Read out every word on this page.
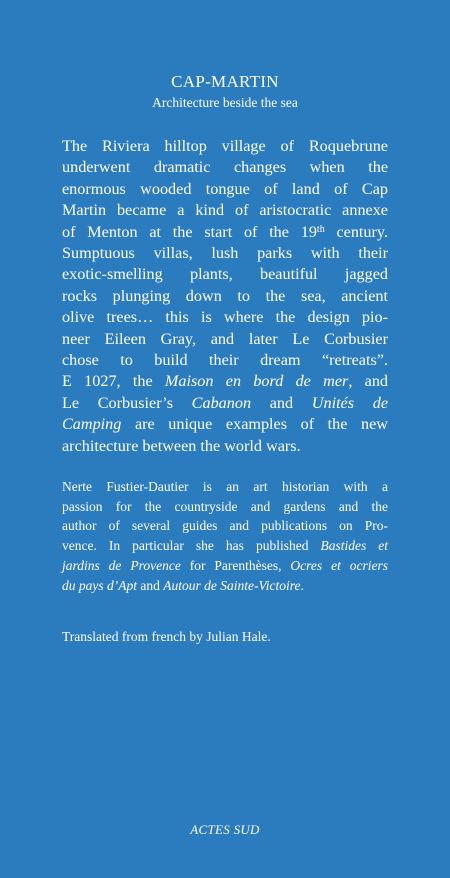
CAP-MARTIN
Architecture beside the sea
The Riviera hilltop village of Roquebrune
underwent dramatic changes when the
enormous wooded tongue of land of Cap
Martin became a kind of aristocratic annexe
of Menton at the start of the 19th century.
Sumptuous villas, lush parks with their
exotic-smelling plants, beautiful jagged
rocks plunging down to the sea, ancient
olive trees… this is where the design pio-
neer Eileen Gray, and later Le Corbusier
chose to build their dream “retreats”.
E 1027, the Maison en bord de mer, and
Le Corbusier’s Cabanon and Unités de
Camping are unique examples of the new
architecture between the world wars.
Nerte Fustier-Dautier is an art historian with a
passion for the countryside and gardens and the
author of several guides and publications on Pro-
vence. In particular she has published Bastides et
jardins de Provence for Parenthèses, Ocres et ocriers
du pays d’Apt and Autour de Sainte-Victoire.
Translated from french by Julian Hale.
ACTES SUD
